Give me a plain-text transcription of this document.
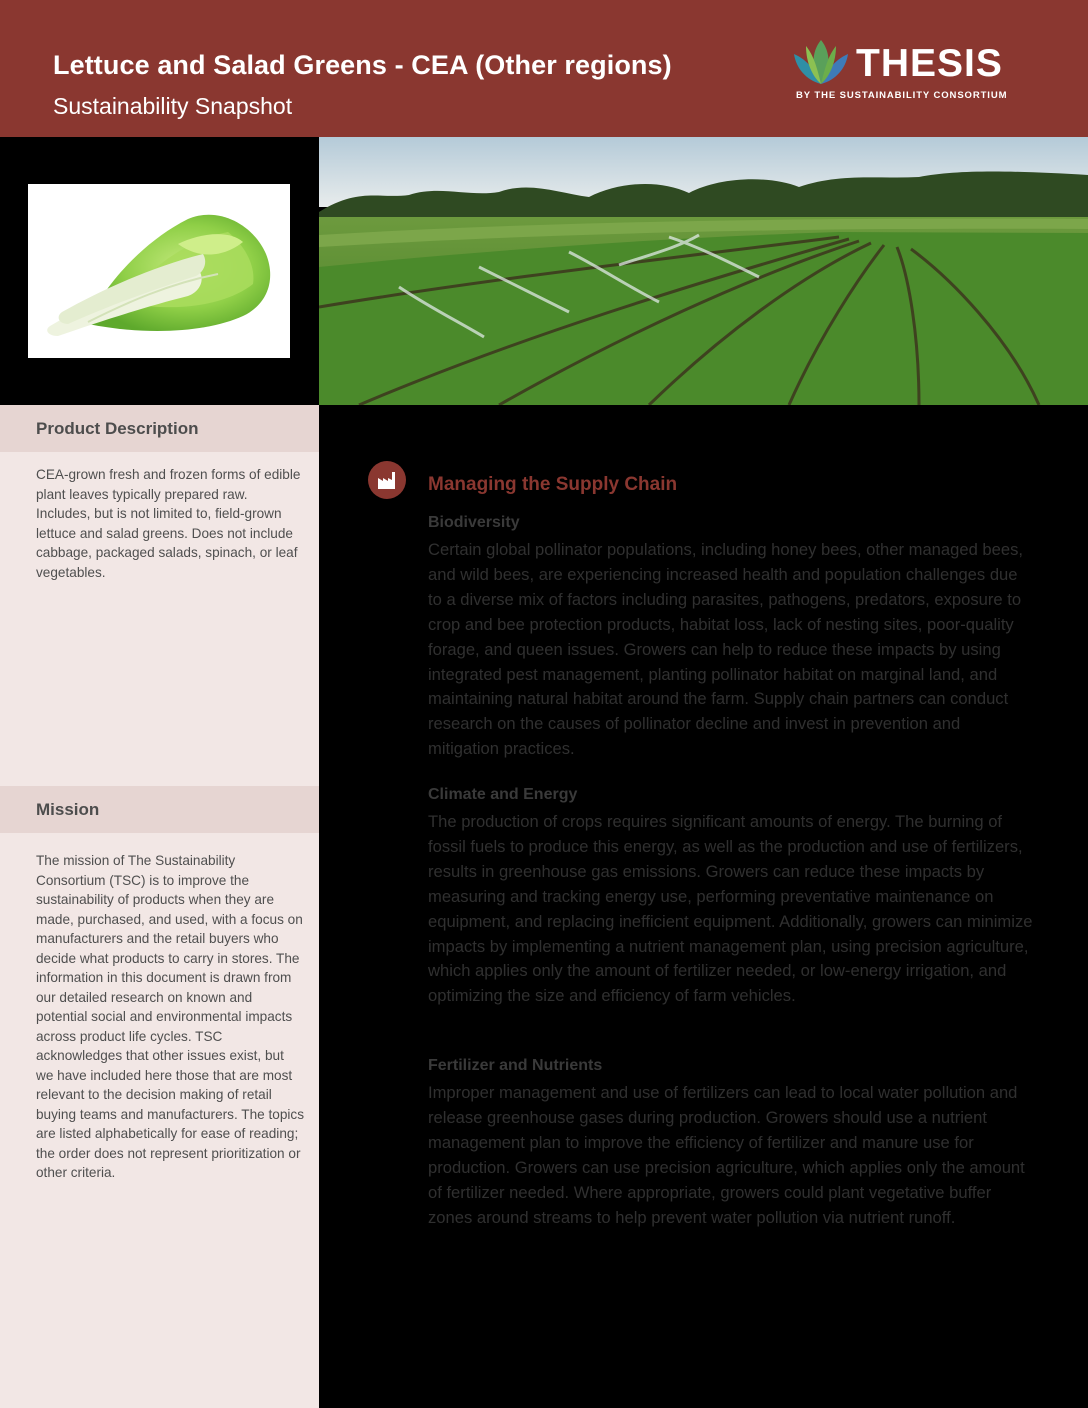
Lettuce and Salad Greens - CEA (Other regions)
Sustainability Snapshot
THESIS
BY THE SUSTAINABILITY CONSORTIUM
Product Description

CEA-grown fresh and frozen forms of edible plant leaves typically prepared raw. Includes, but is not limited to, field-grown lettuce and salad greens. Does not include cabbage, packaged salads, spinach, or leaf vegetables.

Mission

The mission of The Sustainability Consortium (TSC) is to improve the sustainability of products when they are made, purchased, and used, with a focus on manufacturers and the retail buyers who decide what products to carry in stores. The information in this document is drawn from our detailed research on known and potential social and environmental impacts across product life cycles. TSC acknowledges that other issues exist, but we have included here those that are most relevant to the decision making of retail buying teams and manufacturers. The topics are listed alphabetically for ease of reading; the order does not represent prioritization or other criteria.

Managing the Supply Chain
Biodiversity

Certain global pollinator populations, including honey bees, other managed bees, and wild bees, are experiencing increased health and population challenges due to a diverse mix of factors including parasites, pathogens, predators, exposure to crop and bee protection products, habitat loss, lack of nesting sites, poor-quality forage, and queen issues. Growers can help to reduce these impacts by using integrated pest management, planting pollinator habitat on marginal land, and maintaining natural habitat around the farm. Supply chain partners can conduct research on the causes of pollinator decline and invest in prevention and mitigation practices.

Climate and Energy

The production of crops requires significant amounts of energy. The burning of fossil fuels to produce this energy, as well as the production and use of fertilizers, results in greenhouse gas emissions. Growers can reduce these impacts by measuring and tracking energy use, performing preventative maintenance on equipment, and replacing inefficient equipment. Additionally, growers can minimize impacts by implementing a nutrient management plan, using precision agriculture, which applies only the amount of fertilizer needed, or low-energy irrigation, and optimizing the size and efficiency of farm vehicles.

Fertilizer and Nutrients

Improper management and use of fertilizers can lead to local water pollution and release greenhouse gases during production. Growers should use a nutrient management plan to improve the efficiency of fertilizer and manure use for production. Growers can use precision agriculture, which applies only the amount of fertilizer needed. Where appropriate, growers could plant vegetative buffer zones around streams to help prevent water pollution via nutrient runoff.
